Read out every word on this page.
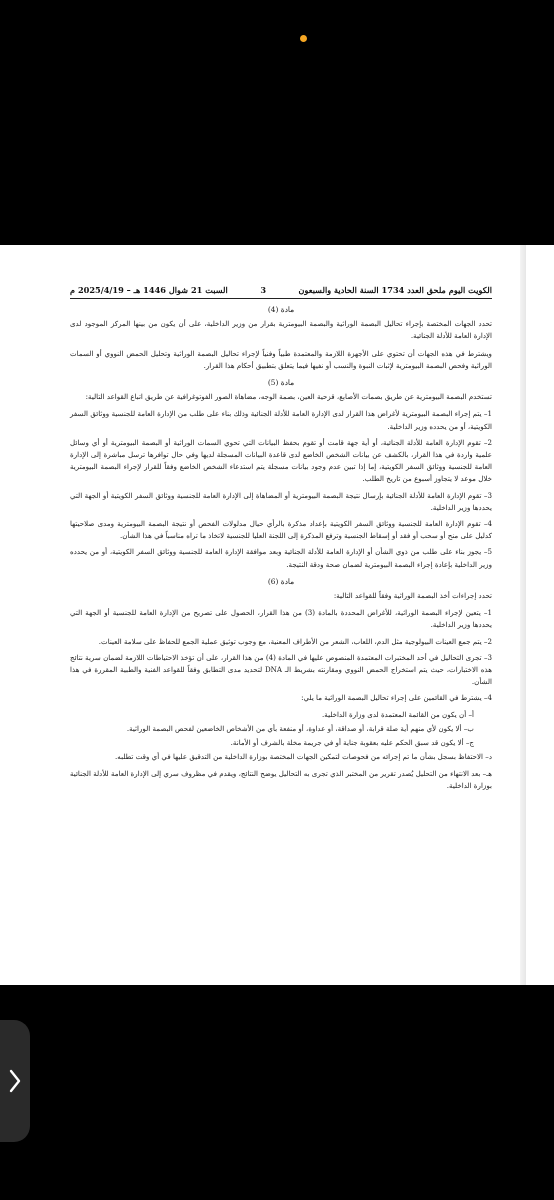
الكويت اليوم ملحق العدد 1734 السنة الحادية والسبعون
3
السبت 21 شوال 1446 هـ – 2025/4/19 م
مادة (4)
تحدد الجهات المختصة بإجراء تحاليل البصمة الوراثية والبصمة البيومترية بقرار من وزير الداخلية، على أن يكون من بينها المركز الموجود لدى الإدارة العامة للأدلة الجنائية.
ويشترط في هذه الجهات أن تحتوي على الأجهزة اللازمة والمعتمدة طبياً وفنياً لإجراء تحاليل البصمة الوراثية وتحليل الحمض النووي أو السمات الوراثية وفحص البصمة البيومترية لإثبات النبوة والنسب أو نفيها فيما يتعلق بتطبيق أحكام هذا القرار.
مادة (5)
تستخدم البصمة البيومترية عن طريق بصمات الأصابع، قزحية العين، بصمة الوجه، مضاهاة الصور الفوتوغرافية عن طريق اتباع القواعد التالية:
1– يتم إجراء البصمة البيومترية لأغراض هذا القرار لدى الإدارة العامة للأدلة الجنائية وذلك بناء على طلب من الإدارة العامة للجنسية ووثائق السفر الكويتية، أو من يحدده وزير الداخلية.
2– تقوم الإدارة العامة للأدلة الجنائية، أو أية جهة قامت أو تقوم بحفظ البيانات التي تحوي السمات الوراثية أو البصمة البيومترية أو أي وسائل علمية واردة في هذا القرار، بالكشف عن بيانات الشخص الخاضع لدى قاعدة البيانات المسجلة لديها وفي حال توافرها ترسل مباشرة إلى الإدارة العامة للجنسية ووثائق السفر الكويتية، إما إذا تبين عدم وجود بيانات مسجلة يتم استدعاء الشخص الخاضع وفقاً للقرار لإجراء البصمة البيومترية خلال موعد لا يتجاوز أسبوع من تاريخ الطلب.
3– تقوم الإدارة العامة للأدلة الجنائية بإرسال نتيجة البصمة البيومترية أو المضاهاة إلى الإدارة العامة للجنسية ووثائق السفر الكويتية أو الجهة التي يحددها وزير الداخلية.
4– تقوم الإدارة العامة للجنسية ووثائق السفر الكويتية بإعداد مذكرة بالرأي حيال مدلولات الفحص أو نتيجة البصمة البيومترية ومدى صلاحيتها كدليل على منح أو سحب أو فقد أو إسقاط الجنسية وترفع المذكرة إلى اللجنة العليا للجنسية لاتخاذ ما تراه مناسباً في هذا الشأن.
5– يجوز بناء على طلب من ذوي الشأن أو الإدارة العامة للأدلة الجنائية وبعد موافقة الإدارة العامة للجنسية ووثائق السفر الكويتية، أو من يحدده وزير الداخلية بإعادة إجراء البصمة البيومترية لضمان صحة ودقة النتيجة.
مادة (6)
تحدد إجراءات أخذ البصمة الوراثية وفقاً للقواعد التالية:
1– يتعين لإجراء البصمة الوراثية، للأغراض المحددة بالمادة (3) من هذا القرار، الحصول على تصريح من الإدارة العامة للجنسية أو الجهة التي يحددها وزير الداخلية.
2– يتم جمع العينات البيولوجية مثل الدم، اللعاب، الشعر من الأطراف المعنية، مع وجوب توثيق عملية الجمع للحفاظ على سلامة العينات.
3– تجرى التحاليل في أحد المختبرات المعتمدة المنصوص عليها في المادة (4) من هذا القرار، على أن تؤخذ الاحتياطات اللازمة لضمان سرية نتائج هذه الاختبارات، حيث يتم استخراج الحمض النووي ومقارنته بشريط الـ DNA لتحديد مدى التطابق وفقاً للقواعد الفنية والطبية المقررة في هذا الشأن.
4– يشترط في القائمين على إجراء تحاليل البصمة الوراثية ما يلي:
أ– أن يكون من القائمة المعتمدة لدى وزارة الداخلية.
ب– ألا يكون لأي منهم أية صلة قرابة، أو صداقة، أو عداوة، أو منفعة بأي من الأشخاص الخاضعين لفحص البصمة الوراثية.
ج– ألا يكون قد سبق الحكم عليه بعقوبة جناية أو في جريمة مخلة بالشرف أو الأمانة.
د– الاحتفاظ بسجل بشأن ما تم إجرائه من فحوصات لتمكين الجهات المختصة بوزارة الداخلية من التدقيق عليها في أي وقت تطلبه.
هـ– بعد الانتهاء من التحليل يُصدر تقرير من المختبر الذي تجرى به التحاليل يوضح النتائج، ويقدم في مظروف سري إلى الإدارة العامة للأدلة الجنائية بوزارة الداخلية.
